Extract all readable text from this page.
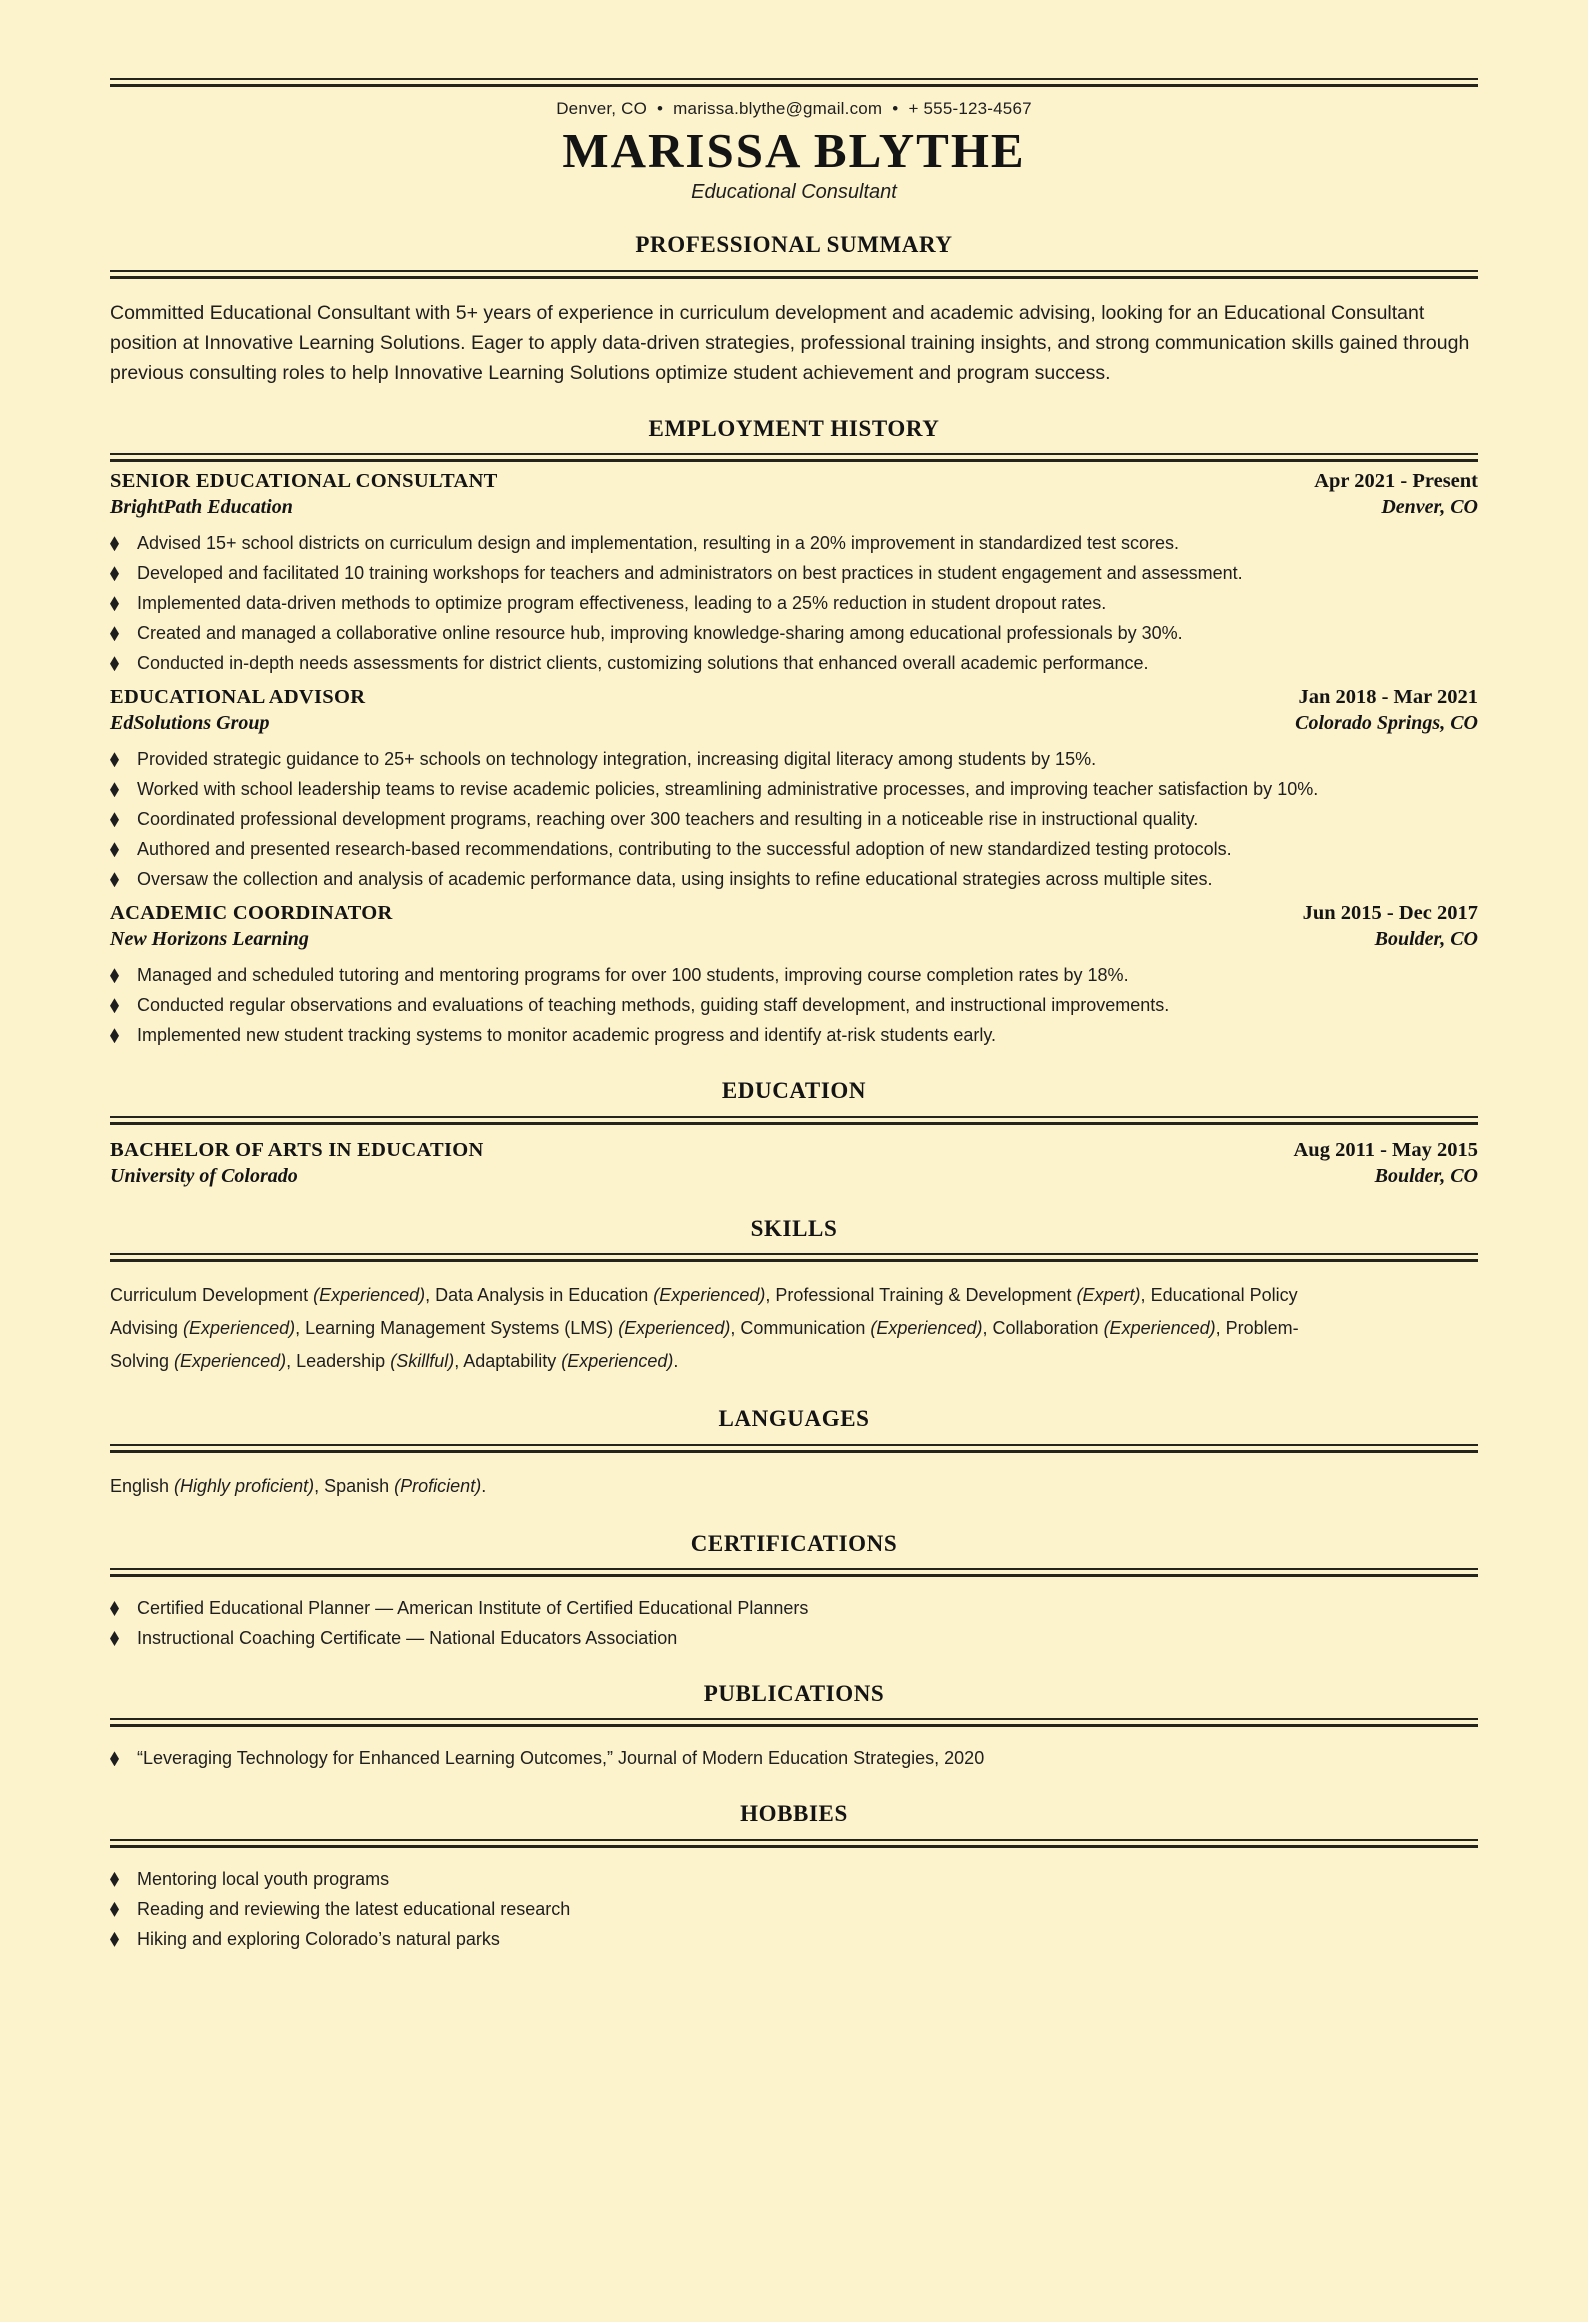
Denver, CO • marissa.blythe@gmail.com • + 555-123-4567
MARISSA BLYTHE
Educational Consultant
PROFESSIONAL SUMMARY

Committed Educational Consultant with 5+ years of experience in curriculum development and academic advising, looking for an Educational Consultant position at Innovative Learning Solutions. Eager to apply data-driven strategies, professional training insights, and strong communication skills gained through previous consulting roles to help Innovative Learning Solutions optimize student achievement and program success.

EMPLOYMENT HISTORY
SENIOR EDUCATIONAL CONSULTANT	Apr 2021 - Present
BrightPath Education	Denver, CO
Advised 15+ school districts on curriculum design and implementation, resulting in a 20% improvement in standardized test scores.
Developed and facilitated 10 training workshops for teachers and administrators on best practices in student engagement and assessment.
Implemented data-driven methods to optimize program effectiveness, leading to a 25% reduction in student dropout rates.
Created and managed a collaborative online resource hub, improving knowledge-sharing among educational professionals by 30%.
Conducted in-depth needs assessments for district clients, customizing solutions that enhanced overall academic performance.
EDUCATIONAL ADVISOR	Jan 2018 - Mar 2021
EdSolutions Group	Colorado Springs, CO
Provided strategic guidance to 25+ schools on technology integration, increasing digital literacy among students by 15%.
Worked with school leadership teams to revise academic policies, streamlining administrative processes, and improving teacher satisfaction by 10%.
Coordinated professional development programs, reaching over 300 teachers and resulting in a noticeable rise in instructional quality.
Authored and presented research-based recommendations, contributing to the successful adoption of new standardized testing protocols.
Oversaw the collection and analysis of academic performance data, using insights to refine educational strategies across multiple sites.
ACADEMIC COORDINATOR	Jun 2015 - Dec 2017
New Horizons Learning	Boulder, CO
Managed and scheduled tutoring and mentoring programs for over 100 students, improving course completion rates by 18%.
Conducted regular observations and evaluations of teaching methods, guiding staff development, and instructional improvements.
Implemented new student tracking systems to monitor academic progress and identify at-risk students early.
EDUCATION
BACHELOR OF ARTS IN EDUCATION	Aug 2011 - May 2015
University of Colorado	Boulder, CO
SKILLS

Curriculum Development (Experienced), Data Analysis in Education (Experienced), Professional Training & Development (Expert), Educational Policy Advising (Experienced), Learning Management Systems (LMS) (Experienced), Communication (Experienced), Collaboration (Experienced), Problem-Solving (Experienced), Leadership (Skillful), Adaptability (Experienced).

LANGUAGES

English (Highly proficient), Spanish (Proficient).

CERTIFICATIONS
Certified Educational Planner — American Institute of Certified Educational Planners
Instructional Coaching Certificate — National Educators Association
PUBLICATIONS
“Leveraging Technology for Enhanced Learning Outcomes,” Journal of Modern Education Strategies, 2020
HOBBIES
Mentoring local youth programs
Reading and reviewing the latest educational research
Hiking and exploring Colorado’s natural parks
